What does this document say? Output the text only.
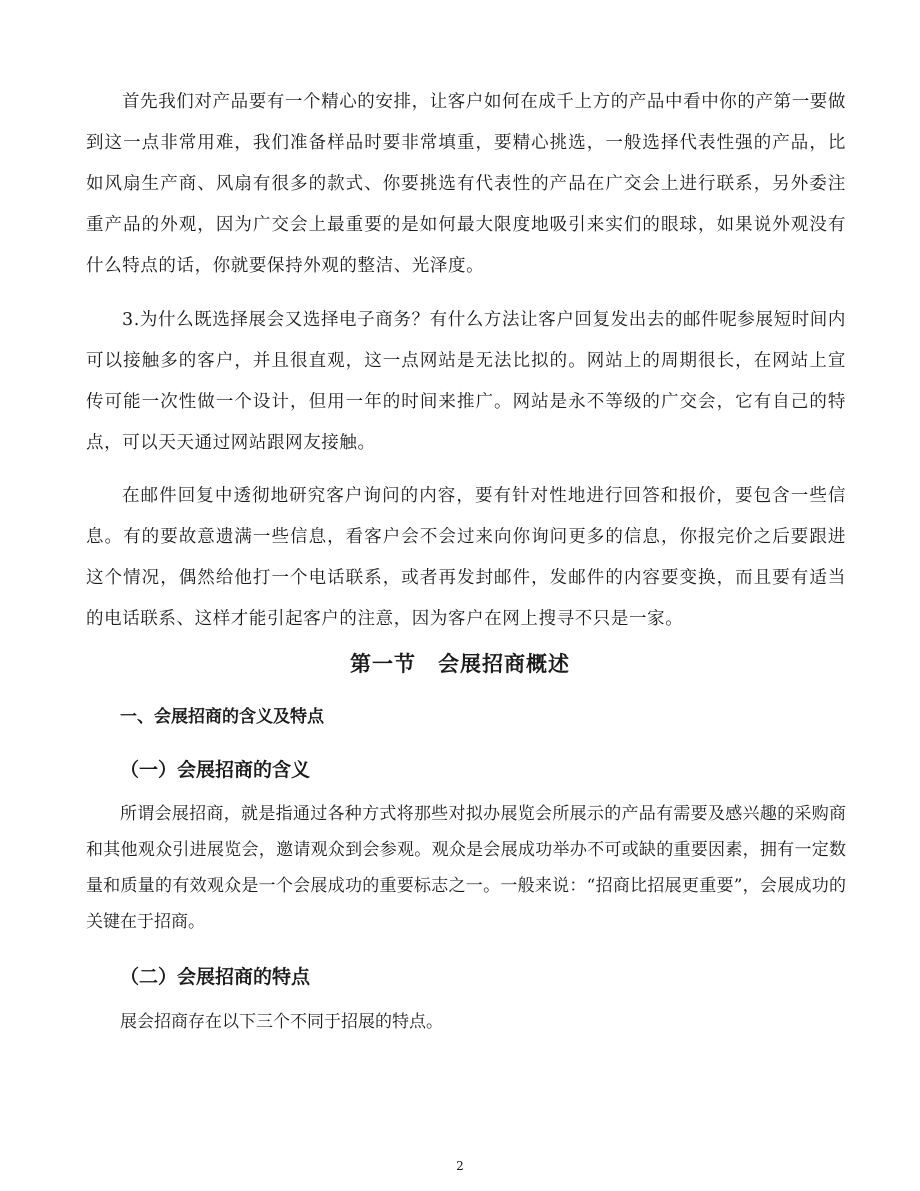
首先我们对产品要有一个精心的安排，让客户如何在成千上方的产品中看中你的产第一要做到这一点非常用难，我们准备样品时要非常填重，要精心挑选，一般选择代表性强的产品，比如风扇生产商、风扇有很多的款式、你要挑选有代表性的产品在广交会上进行联系，另外委注重产品的外观，因为广交会上最重要的是如何最大限度地吸引来实们的眼球，如果说外观没有什么特点的话，你就要保持外观的整洁、光泽度。

3.为什么既选择展会又选择电子商务？有什么方法让客户回复发出去的邮件呢参展短时间内可以接触多的客户，并且很直观，这一点网站是无法比拟的。网站上的周期很长，在网站上宣传可能一次性做一个设计，但用一年的时间来推广。网站是永不等级的广交会，它有自己的特点，可以天天通过网站跟网友接触。

在邮件回复中透彻地研究客户询问的内容，要有针对性地进行回答和报价，要包含一些信息。有的要故意遗满一些信息，看客户会不会过来向你询问更多的信息，你报完价之后要跟进这个情况，偶然给他打一个电话联系，或者再发封邮件，发邮件的内容要变换，而且要有适当的电话联系、这样才能引起客户的注意，因为客户在网上搜寻不只是一家。

第一节　会展招商概述
一、会展招商的含义及特点
（一）会展招商的含义

所谓会展招商，就是指通过各种方式将那些对拟办展览会所展示的产品有需要及感兴趣的采购商和其他观众引进展览会，邀请观众到会参观。观众是会展成功举办不可或缺的重要因素，拥有一定数量和质量的有效观众是一个会展成功的重要标志之一。一般来说：“招商比招展更重要”，会展成功的关键在于招商。

（二）会展招商的特点

展会招商存在以下三个不同于招展的特点。

2
